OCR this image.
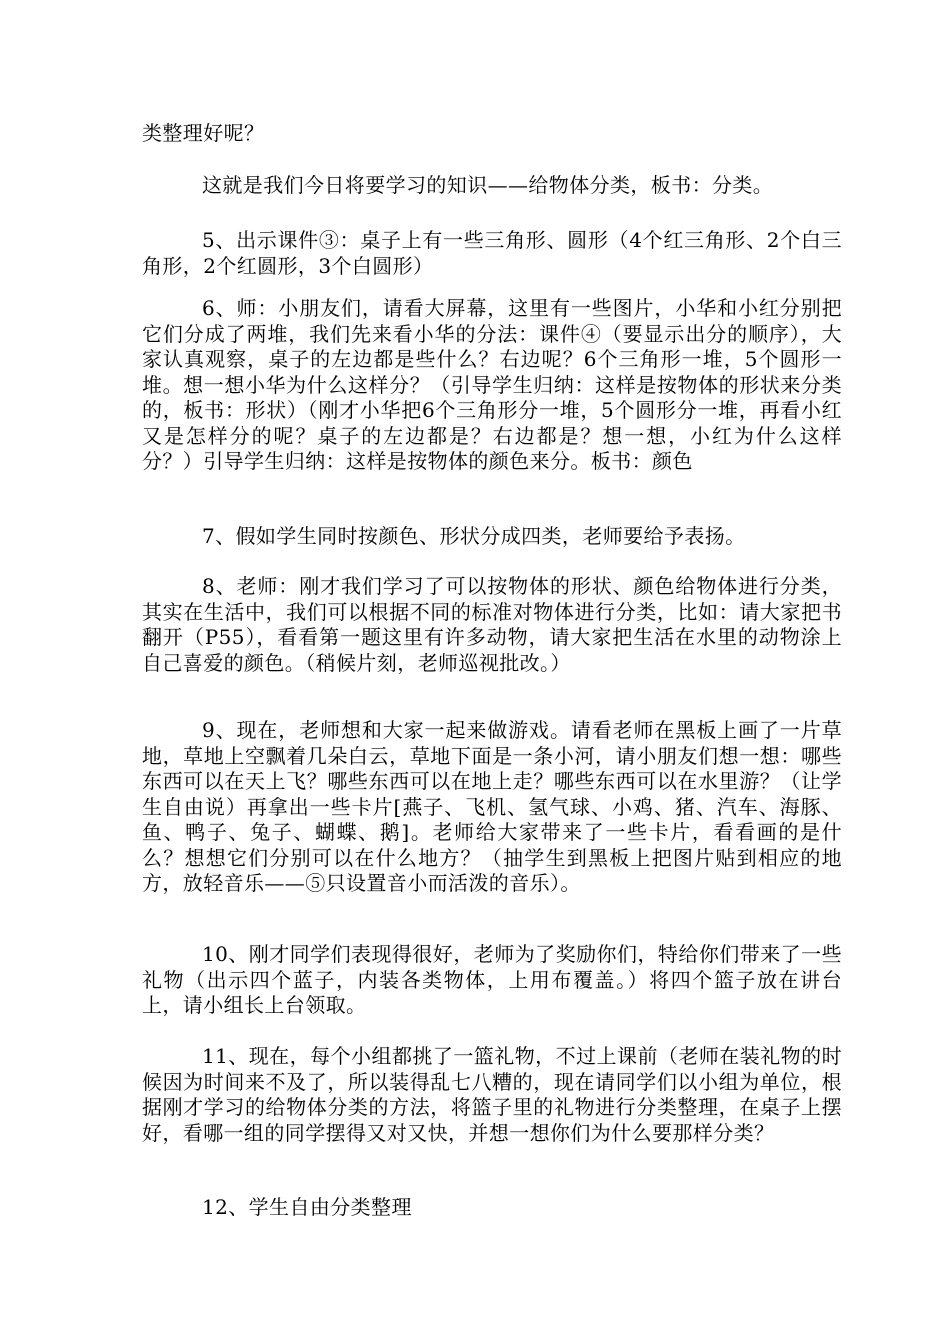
类整理好呢？

这就是我们今日将要学习的知识——给物体分类，板书：分类。

5、出示课件③：桌子上有一些三角形、圆形（4个红三角形、2个白三角形，2个红圆形，3个白圆形）

6、师：小朋友们，请看大屏幕，这里有一些图片，小华和小红分别把它们分成了两堆，我们先来看小华的分法：课件④（要显示出分的顺序），大家认真观察，桌子的左边都是些什么？右边呢？6个三角形一堆，5个圆形一堆。想一想小华为什么这样分？（引导学生归纳：这样是按物体的形状来分类的，板书：形状）（刚才小华把6个三角形分一堆，5个圆形分一堆，再看小红又是怎样分的呢？桌子的左边都是？右边都是？想一想，小红为什么这样分？）引导学生归纳：这样是按物体的颜色来分。板书：颜色

7、假如学生同时按颜色、形状分成四类，老师要给予表扬。

8、老师：刚才我们学习了可以按物体的形状、颜色给物体进行分类，其实在生活中，我们可以根据不同的标准对物体进行分类，比如：请大家把书翻开（P55），看看第一题这里有许多动物，请大家把生活在水里的动物涂上自己喜爱的颜色。（稍候片刻，老师巡视批改。）

9、现在，老师想和大家一起来做游戏。请看老师在黑板上画了一片草地，草地上空飘着几朵白云，草地下面是一条小河，请小朋友们想一想：哪些东西可以在天上飞？哪些东西可以在地上走？哪些东西可以在水里游？（让学生自由说）再拿出一些卡片[燕子、飞机、氢气球、小鸡、猪、汽车、海豚、鱼、鸭子、兔子、蝴蝶、鹅]。老师给大家带来了一些卡片，看看画的是什么？想想它们分别可以在什么地方？（抽学生到黑板上把图片贴到相应的地方，放轻音乐——⑤只设置音小而活泼的音乐）。

10、刚才同学们表现得很好，老师为了奖励你们，特给你们带来了一些礼物（出示四个蓝子，内装各类物体，上用布覆盖。）将四个篮子放在讲台上，请小组长上台领取。

11、现在，每个小组都挑了一篮礼物，不过上课前（老师在装礼物的时候因为时间来不及了，所以装得乱七八糟的，现在请同学们以小组为单位，根据刚才学习的给物体分类的方法，将篮子里的礼物进行分类整理，在桌子上摆好，看哪一组的同学摆得又对又快，并想一想你们为什么要那样分类？

12、学生自由分类整理
